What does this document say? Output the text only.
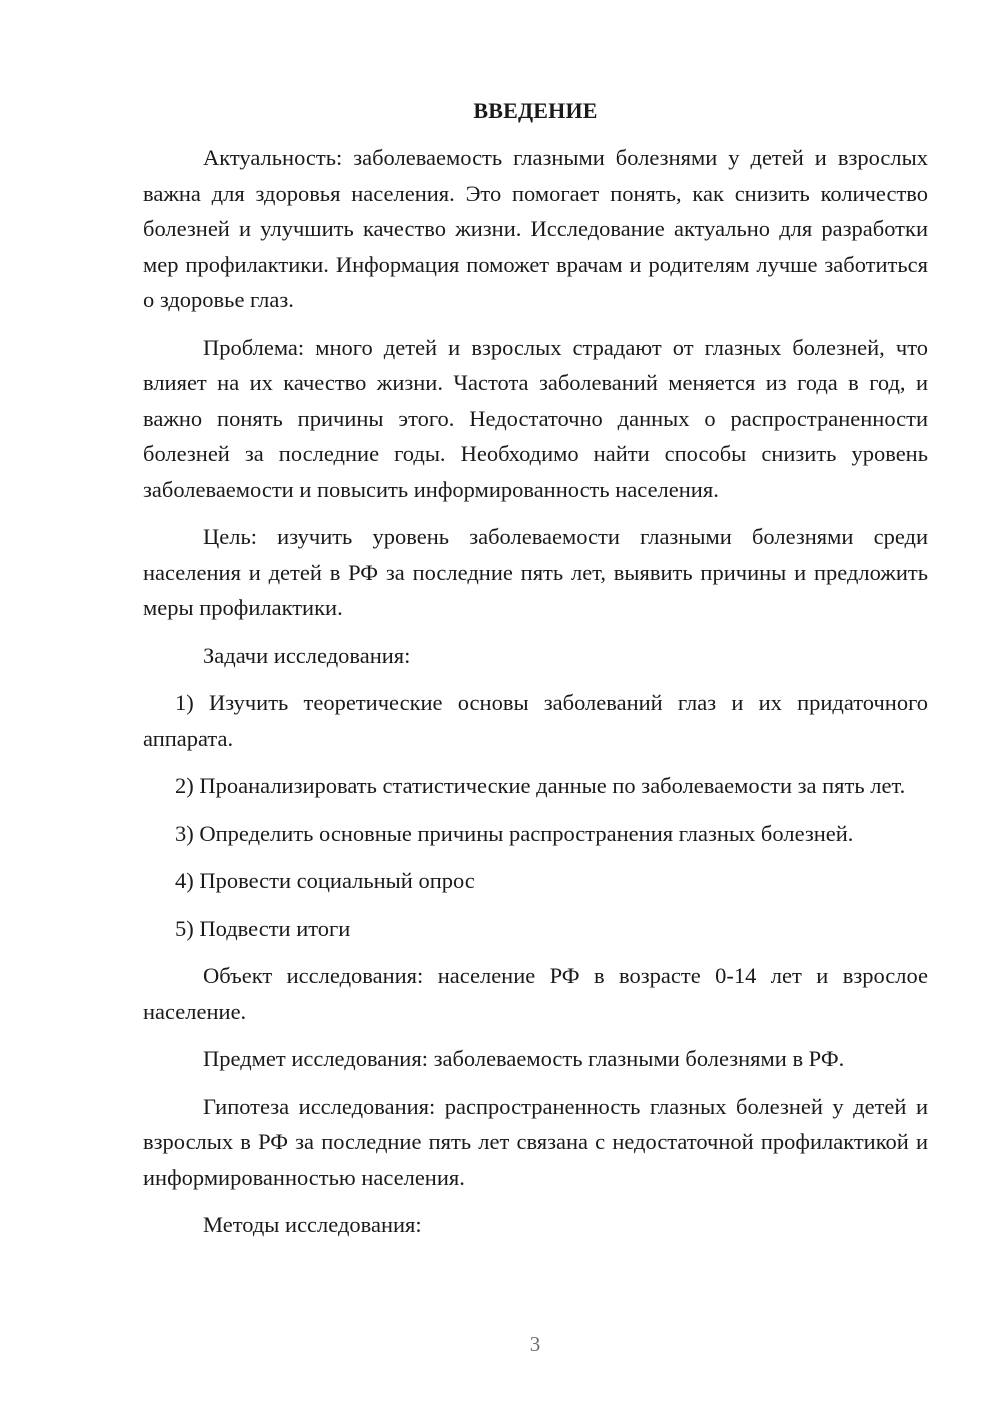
ВВЕДЕНИЕ

Актуальность: заболеваемость глазными болезнями у детей и взрослых важна для здоровья населения. Это помогает понять, как снизить количество болезней и улучшить качество жизни. Исследование актуально для разработки мер профилактики. Информация поможет врачам и родителям лучше заботиться о здоровье глаз.

Проблема: много детей и взрослых страдают от глазных болезней, что влияет на их качество жизни. Частота заболеваний меняется из года в год, и важно понять причины этого. Недостаточно данных о распространенности болезней за последние годы. Необходимо найти способы снизить уровень заболеваемости и повысить информированность населения.

Цель: изучить уровень заболеваемости глазными болезнями среди населения и детей в РФ за последние пять лет, выявить причины и предложить меры профилактики.

Задачи исследования:

1) Изучить теоретические основы заболеваний глаз и их придаточного аппарата.

2) Проанализировать статистические данные по заболеваемости за пять лет.

3) Определить основные причины распространения глазных болезней.

4) Провести социальный опрос

5) Подвести итоги

Объект исследования: население РФ в возрасте 0-14 лет и взрослое население.

Предмет исследования: заболеваемость глазными болезнями в РФ.

Гипотеза исследования: распространенность глазных болезней у детей и взрослых в РФ за последние пять лет связана с недостаточной профилактикой и информированностью населения.

Методы исследования:

3
